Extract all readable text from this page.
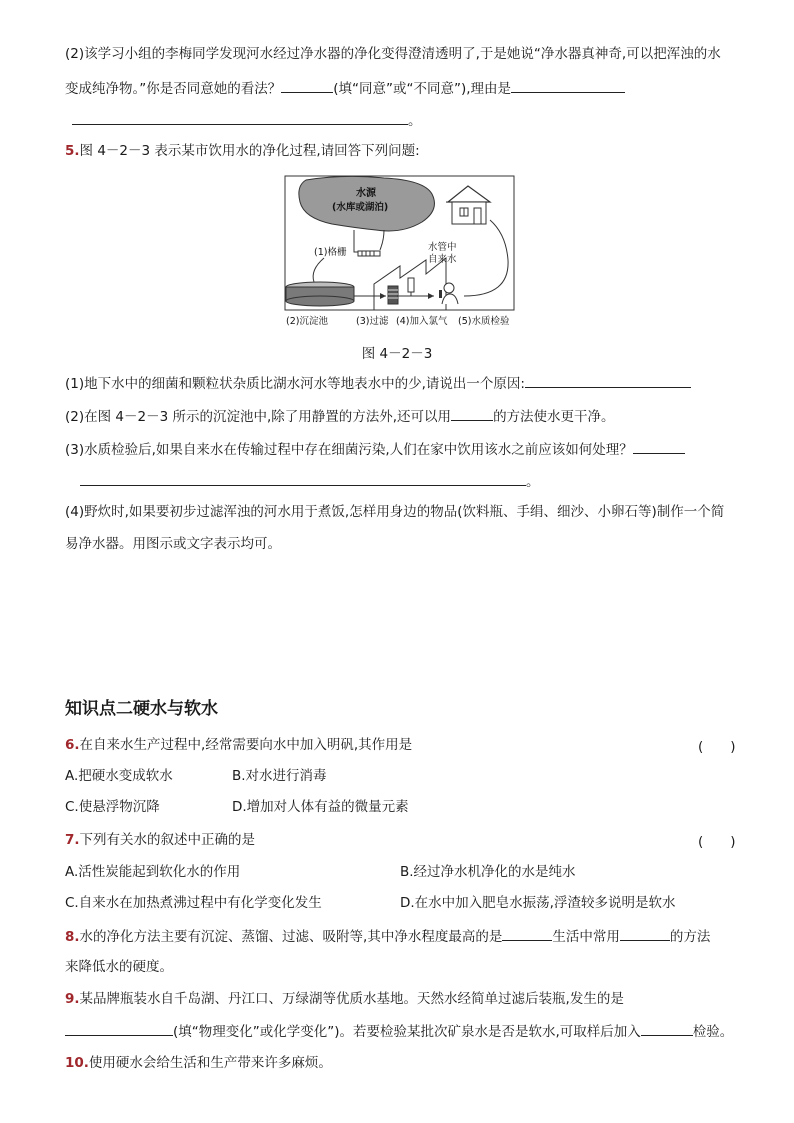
(2)该学习小组的李梅同学发现河水经过净水器的净化变得澄清透明了,于是她说“净水器真神奇,可以把浑浊的水
变成纯净物。”你是否同意她的看法？	(填“同意”或“不同意”),理由是
。
5.图 4－2－3 表示某市饮用水的净化过程,请回答下列问题:
水源
(水库或湖泊)
(1)格栅	水管中
自来水
(2)沉淀池	(3)过滤 (4)加入氯气 (5)水质检验
图 4－2－3
(1)地下水中的细菌和颗粒状杂质比湖水河水等地表水中的少,请说出一个原因:
(2)在图 4－2－3 所示的沉淀池中,除了用静置的方法外,还可以用	的方法使水更干净。
(3)水质检验后,如果自来水在传输过程中存在细菌污染,人们在家中饮用该水之前应该如何处理？
。
(4)野炊时,如果要初步过滤浑浊的河水用于煮饭,怎样用身边的物品(饮料瓶、手绢、细沙、小卵石等)制作一个简
易净水器。用图示或文字表示均可。
知识点二硬水与软水
6.在自来水生产过程中,经常需要向水中加入明矾,其作用是	(　　)
A.把硬水变成软水	B.对水进行消毒
C.使悬浮物沉降	D.增加对人体有益的微量元素
7.下列有关水的叙述中正确的是	(　　)
A.活性炭能起到软化水的作用	B.经过净水机净化的水是纯水
C.自来水在加热煮沸过程中有化学变化发生	D.在水中加入肥皂水振荡,浮渣较多说明是软水
8.水的净化方法主要有沉淀、蒸馏、过滤、吸附等,其中净水程度最高的是	生活中常用	的方法
来降低水的硬度。
9.某品牌瓶装水自千岛湖、丹江口、万绿湖等优质水基地。天然水经简单过滤后装瓶,发生的是
(填“物理变化”或化学变化”)。若要检验某批次矿泉水是否是软水,可取样后加入	检验。
10.使用硬水会给生活和生产带来许多麻烦。
